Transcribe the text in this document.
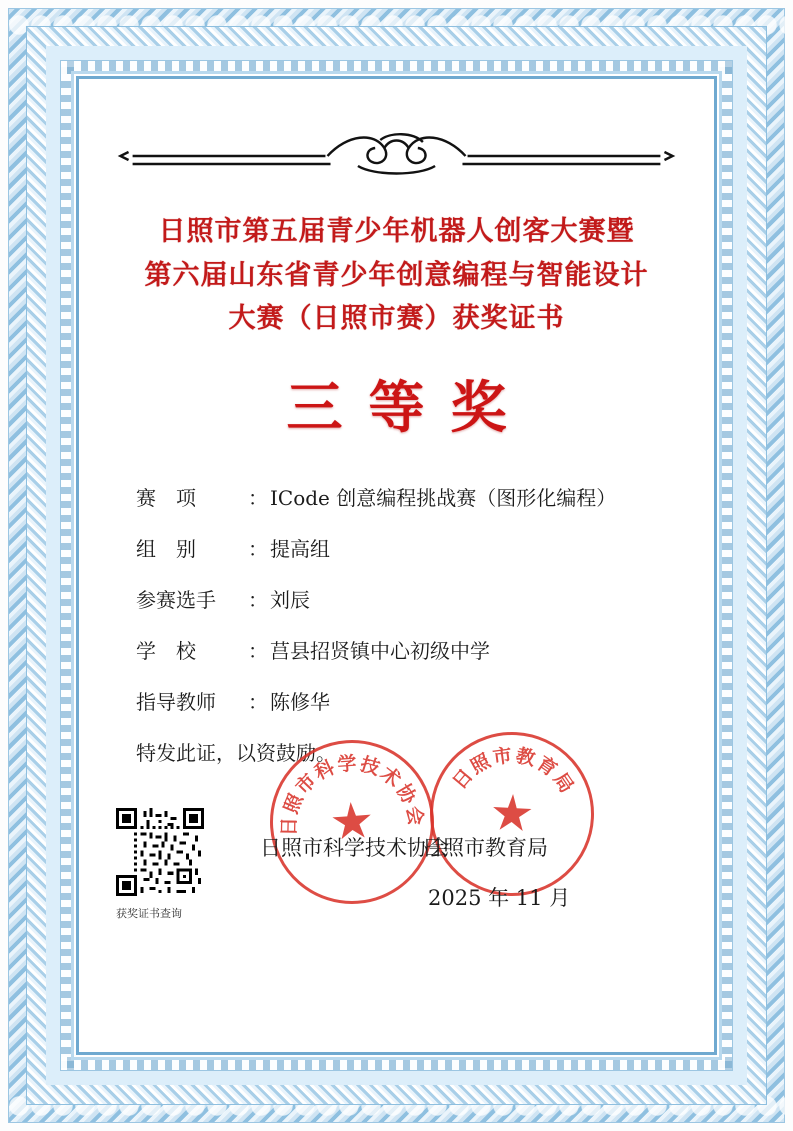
日照市第五届青少年机器人创客大赛暨
第六届山东省青少年创意编程与智能设计
大赛（日照市赛）获奖证书
三等奖
赛　项	： ICode 创意编程挑战赛（图形化编程）
组　别	： 提高组
参赛选手	： 刘辰
学　校	： 莒县招贤镇中心初级中学
指导教师	： 陈修华
特发此证，以资鼓励。
日照市科学技术协会
日照市教育局
日照市科学技术协会
日照市教育局
2025 年 11 月
获奖证书查询
